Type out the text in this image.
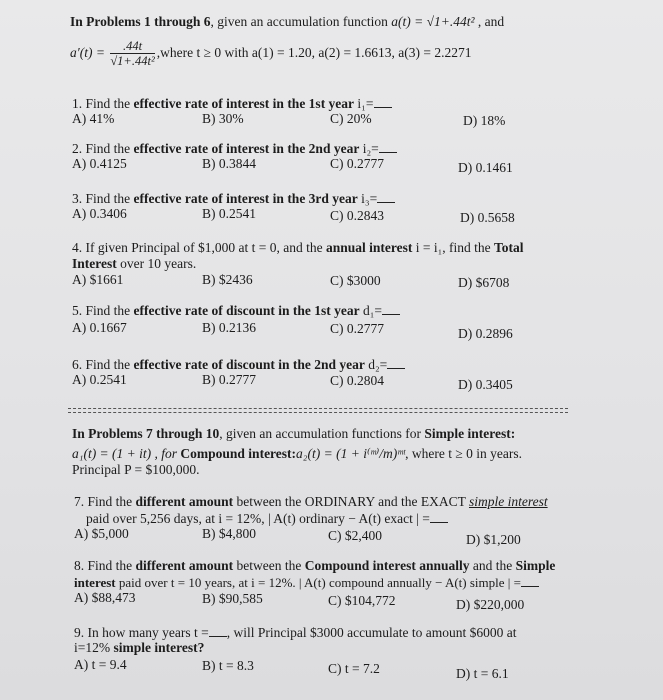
In Problems 1 through 6, given an accumulation function a(t) = √1+.44t² , and
$a'(t) = \frac{.44t}{\text{√1+.44t²}}$ ,where t ≥ 0 with a(1) = 1.20, a(2) = 1.6613, a(3) = 2.2271
1. Find the effective rate of interest in the 1st year i₁=
A) 41%	B) 30%	C) 20%	D) 18%
2. Find the effective rate of interest in the 2nd year i₂=
A) 0.4125	B) 0.3844	C) 0.2777	D) 0.1461
3. Find the effective rate of interest in the 3rd year i₃=
A) 0.3406	B) 0.2541	C) 0.2843	D) 0.5658
4. If given Principal of $1,000 at t = 0, and the annual interest i = i₁, find the Total
Interest over 10 years.
A) $1661	B) $2436	C) $3000	D) $6708
5. Find the effective rate of discount in the 1st year d₁=
A) 0.1667	B) 0.2136	C) 0.2777	D) 0.2896
6. Find the effective rate of discount in the 2nd year d₂=
A) 0.2541	B) 0.2777	C) 0.2804	D) 0.3405
In Problems 7 through 10, given an accumulation functions for Simple interest:
a₁(t) = (1 + it) , for Compound interest:a₂(t) = (1 + i⁽ᵐ⁾/m)ᵐᵗ, where t ≥ 0 in years.
Principal P = $100,000.
7. Find the different amount between the ORDINARY and the EXACT simple interest
paid over 5,256 days, at i = 12%, | A(t) ordinary − A(t) exact | =
A) $5,000	B) $4,800	C) $2,400	D) $1,200
8. Find the different amount between the Compound interest annually and the Simple
interest paid over t = 10 years, at i = 12%. | A(t) compound annually − A(t) simple | =
A) $88,473	B) $90,585	C) $104,772	D) $220,000
9. In how many years t = , will Principal $3000 accumulate to amount $6000 at
i=12% simple interest?
A) t = 9.4	B) t = 8.3	C) t = 7.2	D) t = 6.1
